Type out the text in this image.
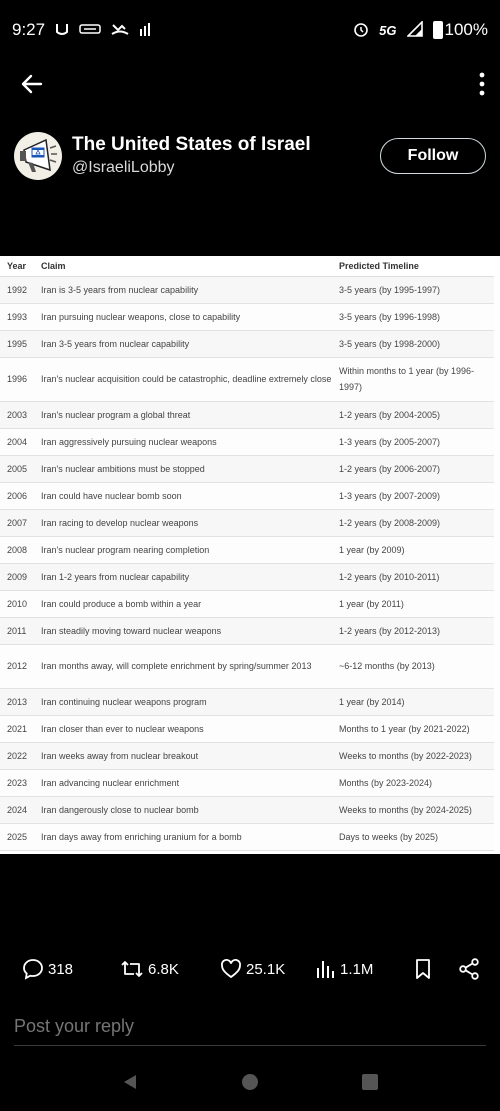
9:27	5G	100%
The United States of Israel
@IsraeliLobby
Follow
Year	Claim	Predicted Timeline
1992	Iran is 3-5 years from nuclear capability	3-5 years (by 1995-1997)
1993	Iran pursuing nuclear weapons, close to capability	3-5 years (by 1996-1998)
1995	Iran 3-5 years from nuclear capability	3-5 years (by 1998-2000)
1996	Iran's nuclear acquisition could be catastrophic, deadline extremely close	Within months to 1 year (by 1996-1997)
2003	Iran's nuclear program a global threat	1-2 years (by 2004-2005)
2004	Iran aggressively pursuing nuclear weapons	1-3 years (by 2005-2007)
2005	Iran's nuclear ambitions must be stopped	1-2 years (by 2006-2007)
2006	Iran could have nuclear bomb soon	1-3 years (by 2007-2009)
2007	Iran racing to develop nuclear weapons	1-2 years (by 2008-2009)
2008	Iran's nuclear program nearing completion	1 year (by 2009)
2009	Iran 1-2 years from nuclear capability	1-2 years (by 2010-2011)
2010	Iran could produce a bomb within a year	1 year (by 2011)
2011	Iran steadily moving toward nuclear weapons	1-2 years (by 2012-2013)
2012	Iran months away, will complete enrichment by spring/summer 2013	~6-12 months (by 2013)
2013	Iran continuing nuclear weapons program	1 year (by 2014)
2021	Iran closer than ever to nuclear weapons	Months to 1 year (by 2021-2022)
2022	Iran weeks away from nuclear breakout	Weeks to months (by 2022-2023)
2023	Iran advancing nuclear enrichment	Months (by 2023-2024)
2024	Iran dangerously close to nuclear bomb	Weeks to months (by 2024-2025)
2025	Iran days away from enriching uranium for a bomb	Days to weeks (by 2025)
318	6.8K	25.1K	1.1M
Post your reply
